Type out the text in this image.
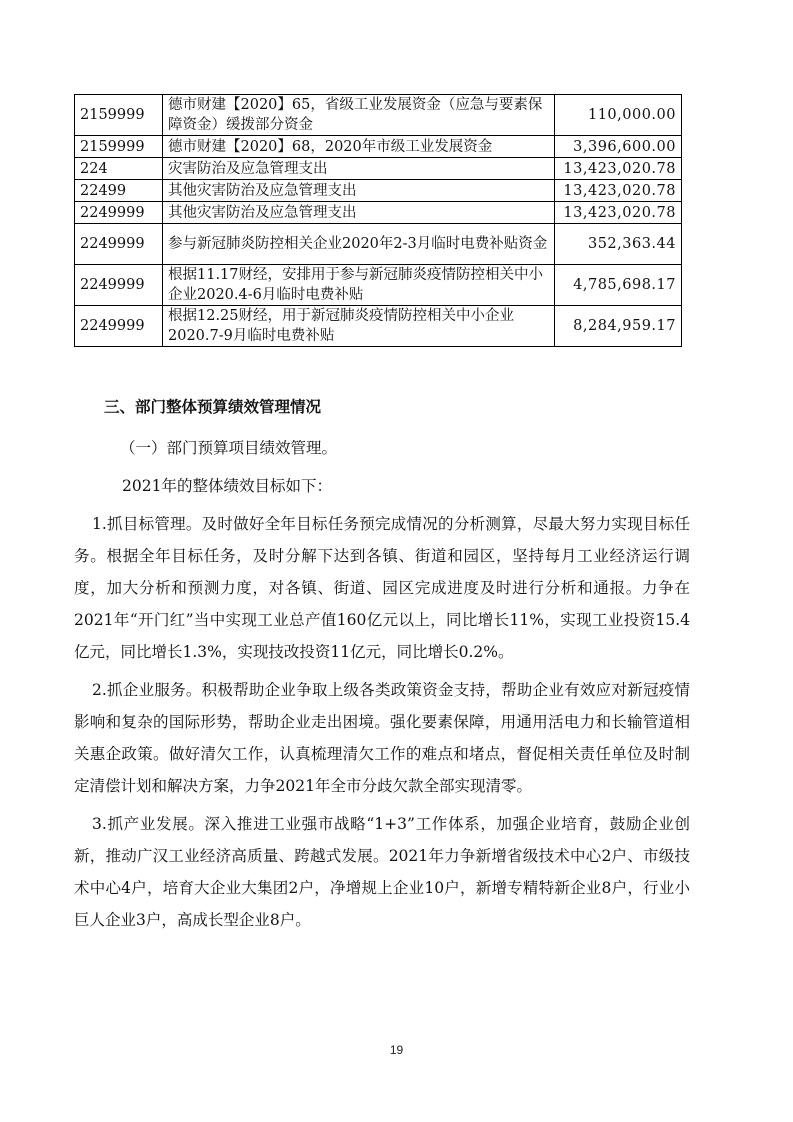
2159999	德市财建【2020】65，省级工业发展资金（应急与要素保障资金）缓拨部分资金	110,000.00
2159999	德市财建【2020】68，2020年市级工业发展资金	3,396,600.00
224	灾害防治及应急管理支出	13,423,020.78
22499	其他灾害防治及应急管理支出	13,423,020.78
2249999	其他灾害防治及应急管理支出	13,423,020.78
2249999	参与新冠肺炎防控相关企业2020年2-3月临时电费补贴资金	352,363.44
2249999	根据11.17财经，安排用于参与新冠肺炎疫情防控相关中小企业2020.4-6月临时电费补贴	4,785,698.17
2249999	根据12.25财经，用于新冠肺炎疫情防控相关中小企业2020.7-9月临时电费补贴	8,284,959.17
三、部门整体预算绩效管理情况

（一）部门预算项目绩效管理。

2021年的整体绩效目标如下：

1.抓目标管理。及时做好全年目标任务预完成情况的分析测算，尽最大努力实现目标任务。根据全年目标任务，及时分解下达到各镇、街道和园区，坚持每月工业经济运行调度，加大分析和预测力度，对各镇、街道、园区完成进度及时进行分析和通报。力争在2021年“开门红”当中实现工业总产值160亿元以上，同比增长11%，实现工业投资15.4亿元，同比增长1.3%，实现技改投资11亿元，同比增长0.2%。

2.抓企业服务。积极帮助企业争取上级各类政策资金支持，帮助企业有效应对新冠疫情影响和复杂的国际形势，帮助企业走出困境。强化要素保障，用通用活电力和长输管道相关惠企政策。做好清欠工作，认真梳理清欠工作的难点和堵点，督促相关责任单位及时制定清偿计划和解决方案，力争2021年全市分歧欠款全部实现清零。

3.抓产业发展。深入推进工业强市战略“1+3”工作体系，加强企业培育，鼓励企业创新，推动广汉工业经济高质量、跨越式发展。2021年力争新增省级技术中心2户、市级技术中心4户，培育大企业大集团2户，净增规上企业10户，新增专精特新企业8户，行业小巨人企业3户，高成长型企业8户。

19
